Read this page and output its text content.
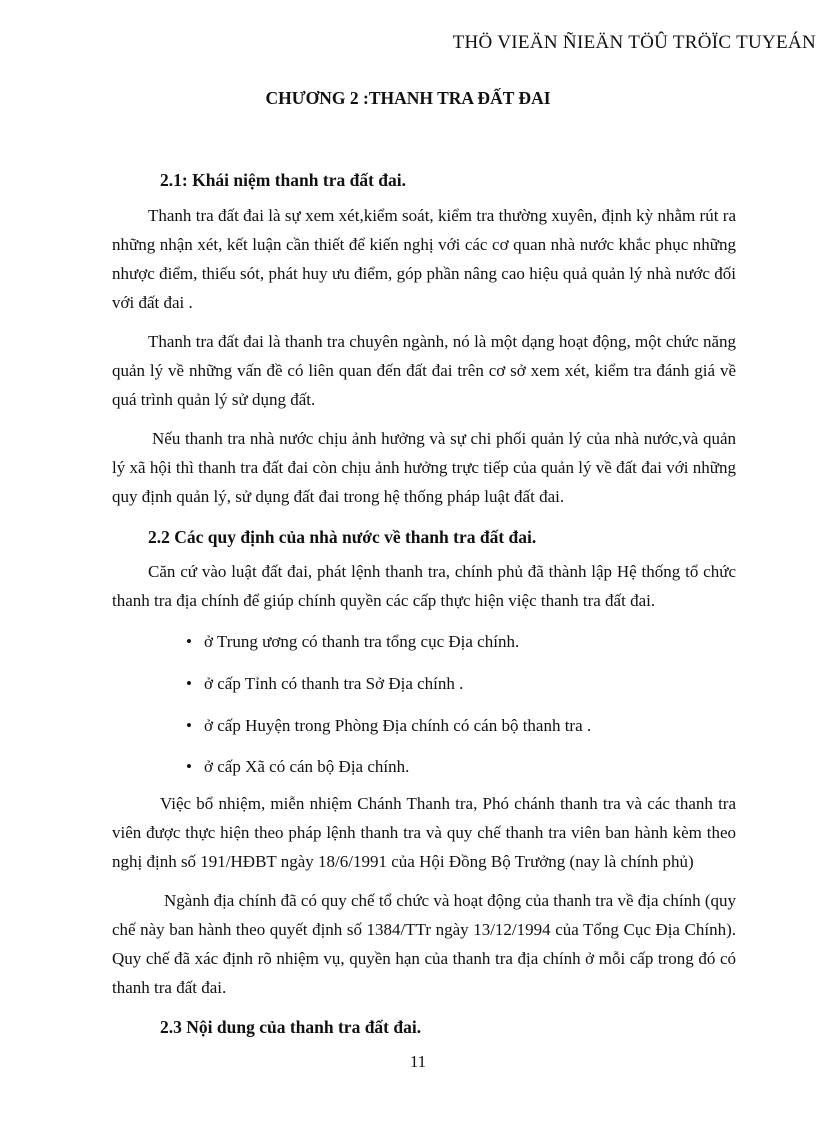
THÖ VIEÄN ÑIEÄN TÖÛ TRÖÏC TUYEÁN
CHƯƠNG 2 :THANH TRA ĐẤT ĐAI
2.1: Khái niệm thanh tra đất đai.
Thanh tra đất đai là sự xem xét,kiểm soát, kiểm tra thường xuyên, định kỳ nhằm rút ra những nhận xét, kết luận cần thiết để kiến nghị với các cơ quan nhà nước khắc phục những nhược điểm, thiếu sót, phát huy ưu điểm, góp phần nâng cao hiệu quả quản lý nhà nước đối với đất đai .
Thanh tra đất đai là thanh tra chuyên ngành, nó là một dạng hoạt động, một chức năng quản lý về những vấn đề có liên quan đến đất đai trên cơ sở xem xét, kiểm tra đánh giá về quá trình quản lý sử dụng đất.
Nếu thanh tra nhà nước chịu ảnh hưởng và sự chi phối quản lý của nhà nước,và quản lý xã hội thì thanh tra đất đai còn chịu ảnh hưởng trực tiếp của quản lý về đất đai với những quy định quản lý, sử dụng đất đai trong hệ thống pháp luật đất đai.
2.2 Các quy định của nhà nước về thanh tra đất đai.
Căn cứ vào luật đất đai, phát lệnh thanh tra, chính phủ đã thành lập Hệ thống tổ chức thanh tra địa chính để giúp chính quyền các cấp thực hiện việc thanh tra đất đai.
• ở Trung ương có thanh tra tổng cục Địa chính.
• ở cấp Tỉnh có thanh tra Sở Địa chính .
• ở cấp Huyện trong Phòng Địa chính có cán bộ thanh tra .
• ở cấp Xã có cán bộ Địa chính.
Việc bổ nhiệm, miễn nhiệm Chánh Thanh tra, Phó chánh thanh tra và các thanh tra viên được thực hiện theo pháp lệnh thanh tra và quy chế thanh tra viên ban hành kèm theo nghị định số 191/HĐBT ngày 18/6/1991 của Hội Đồng Bộ Trưởng (nay là chính phủ)
Ngành địa chính đã có quy chế tổ chức và hoạt động của thanh tra về địa chính (quy chế này ban hành theo quyết định số 1384/TTr ngày 13/12/1994 của Tổng Cục Địa Chính). Quy chế đã xác định rõ nhiệm vụ, quyền hạn của thanh tra địa chính ở mỗi cấp trong đó có thanh tra đất đai.
2.3 Nội dung của thanh tra đất đai.
11
